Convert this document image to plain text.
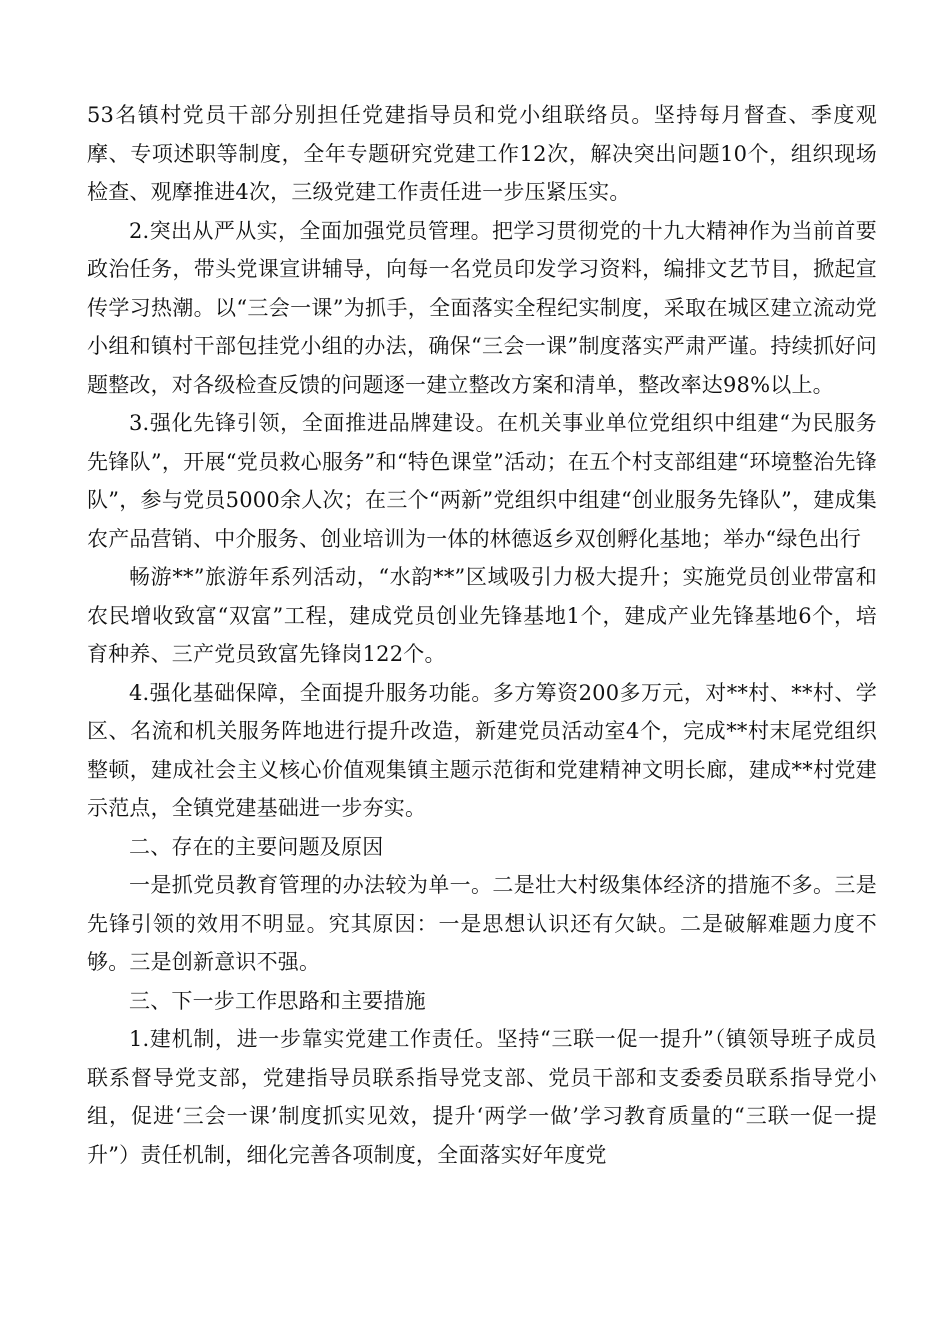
53名镇村党员干部分别担任党建指导员和党小组联络员。坚持每月督查、季度观摩、专项述职等制度，全年专题研究党建工作12次，解决突出问题10个，组织现场检查、观摩推进4次，三级党建工作责任进一步压紧压实。

2.突出从严从实，全面加强党员管理。把学习贯彻党的十九大精神作为当前首要政治任务，带头党课宣讲辅导，向每一名党员印发学习资料，编排文艺节目，掀起宣传学习热潮。以“三会一课”为抓手，全面落实全程纪实制度，采取在城区建立流动党小组和镇村干部包挂党小组的办法，确保“三会一课”制度落实严肃严谨。持续抓好问题整改，对各级检查反馈的问题逐一建立整改方案和清单，整改率达98%以上。

3.强化先锋引领，全面推进品牌建设。在机关事业单位党组织中组建“为民服务先锋队”，开展“党员救心服务”和“特色课堂”活动；在五个村支部组建“环境整治先锋队”，参与党员5000余人次；在三个“两新”党组织中组建“创业服务先锋队”，建成集农产品营销、中介服务、创业培训为一体的林德返乡双创孵化基地；举办“绿色出行

畅游**”旅游年系列活动，“水韵**”区域吸引力极大提升；实施党员创业带富和农民增收致富“双富”工程，建成党员创业先锋基地1个，建成产业先锋基地6个，培育种养、三产党员致富先锋岗122个。

4.强化基础保障，全面提升服务功能。多方筹资200多万元，对**村、**村、学区、名流和机关服务阵地进行提升改造，新建党员活动室4个，完成**村末尾党组织整顿，建成社会主义核心价值观集镇主题示范街和党建精神文明长廊，建成**村党建示范点，全镇党建基础进一步夯实。

二、存在的主要问题及原因

一是抓党员教育管理的办法较为单一。二是壮大村级集体经济的措施不多。三是先锋引领的效用不明显。究其原因：一是思想认识还有欠缺。二是破解难题力度不够。三是创新意识不强。

三、下一步工作思路和主要措施

1.建机制，进一步靠实党建工作责任。坚持“三联一促一提升”（镇领导班子成员联系督导党支部，党建指导员联系指导党支部、党员干部和支委委员联系指导党小组，促进‘三会一课’制度抓实见效，提升‘两学一做’学习教育质量的“三联一促一提升”）责任机制，细化完善各项制度，全面落实好年度党
